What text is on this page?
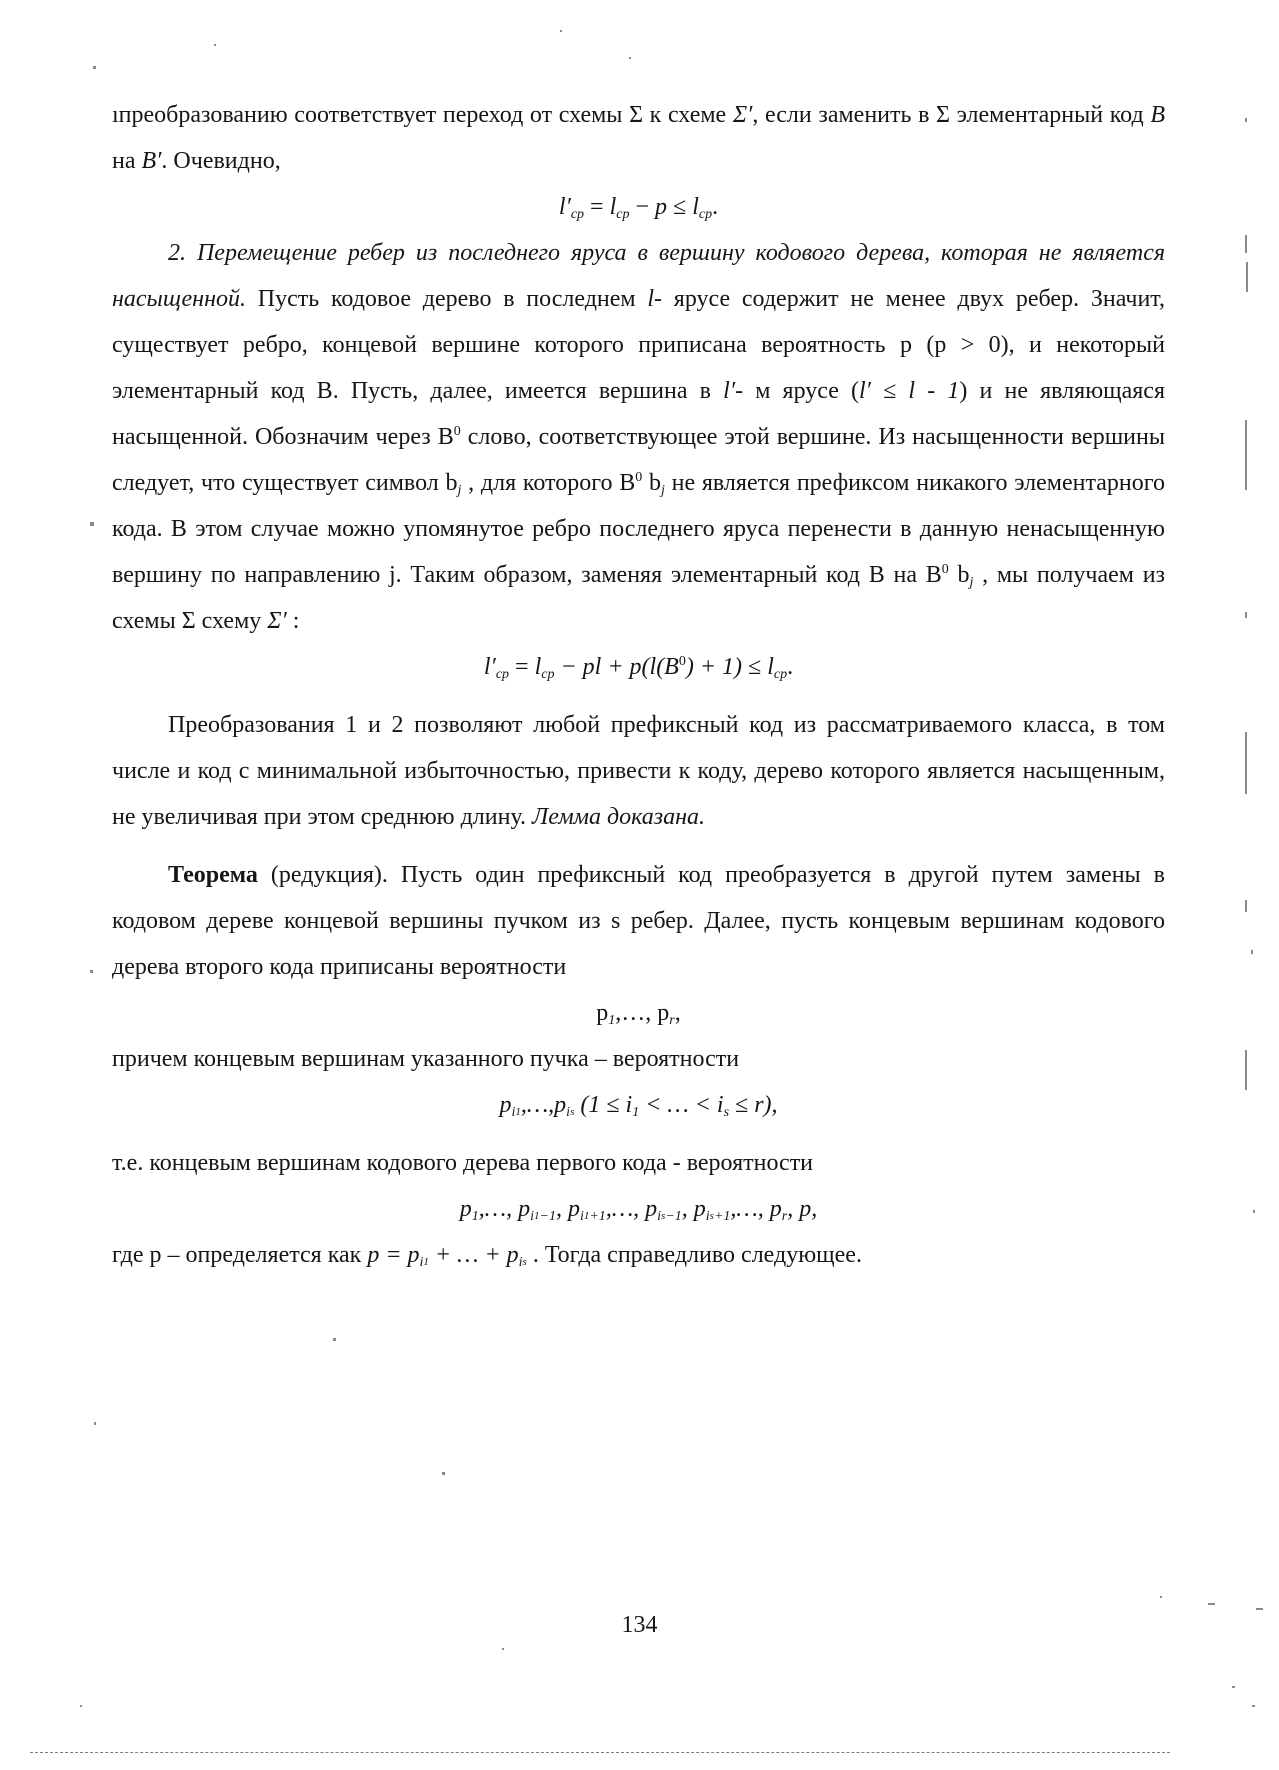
ıпреобразованию соответствует переход от схемы Σ к схеме Σ′, если заменить в Σ элементарный код B на B′. Очевидно,

$l'_{ср} = l_{ср} - p \le l_{ср}$.

2. Перемещение ребер из последнего яруса в вершину кодового дерева, которая не является насыщенной. Пусть кодовое дерево в последнем l- ярусе содержит не менее двух ребер. Значит, существует ребро, концевой вершине которого приписана вероятность p (p > 0), и некоторый элементарный код B. Пусть, далее, имеется вершина в l′- м ярусе (l′ ≤ l - 1) и не являющаяся насыщенной. Обозначим через $B^0$ слово, соответствующее этой вершине. Из насыщенности вершины следует, что существует символ $b_j$ , для которого $B^0$ $b_j$ не является префиксом никакого элементарного кода. В этом случае можно упомянутое ребро последнего яруса перенести в данную ненасыщенную вершину по направлению j. Таким образом, заменяя элементарный код B на $B^0$ $b_j$ , мы получаем из схемы Σ схему Σ′ :

$l'_{ср} = l_{ср}$ − pl + $p(l(B^0) + 1) \le l_{ср}$.

Преобразования 1 и 2 позволяют любой префиксный код из рассматриваемого класса, в том числе и код с минимальной избыточностью, привести к коду, дерево которого является насыщенным, не увеличивая при этом среднюю длину. Лемма доказана.

Теорема (редукция). Пусть один префиксный код преобразуется в другой путем замены в кодовом дереве концевой вершины пучком из s ребер. Далее, пусть концевым вершинам кодового дерева второго кода приписаны вероятности

$p_1,\dots$, $p_r$,

причем концевым вершинам указанного пучка – вероятности

$p_i1,\dots,p_is$ ($1 \le i_1$ < … < $i_s \le r$),

т.е. концевым вершинам кодового дерева первого кода - вероятности

$p_1,\dots$, $p_i1_{-1}$, $p_i1_{+1},\dots$, $p_is_{-1}$, $p_is_{+1},\dots$, $p_r$, p,

где p – определяется как $p = p_i1$ + … + $p_is$ . Тогда справедливо следующее.

134
